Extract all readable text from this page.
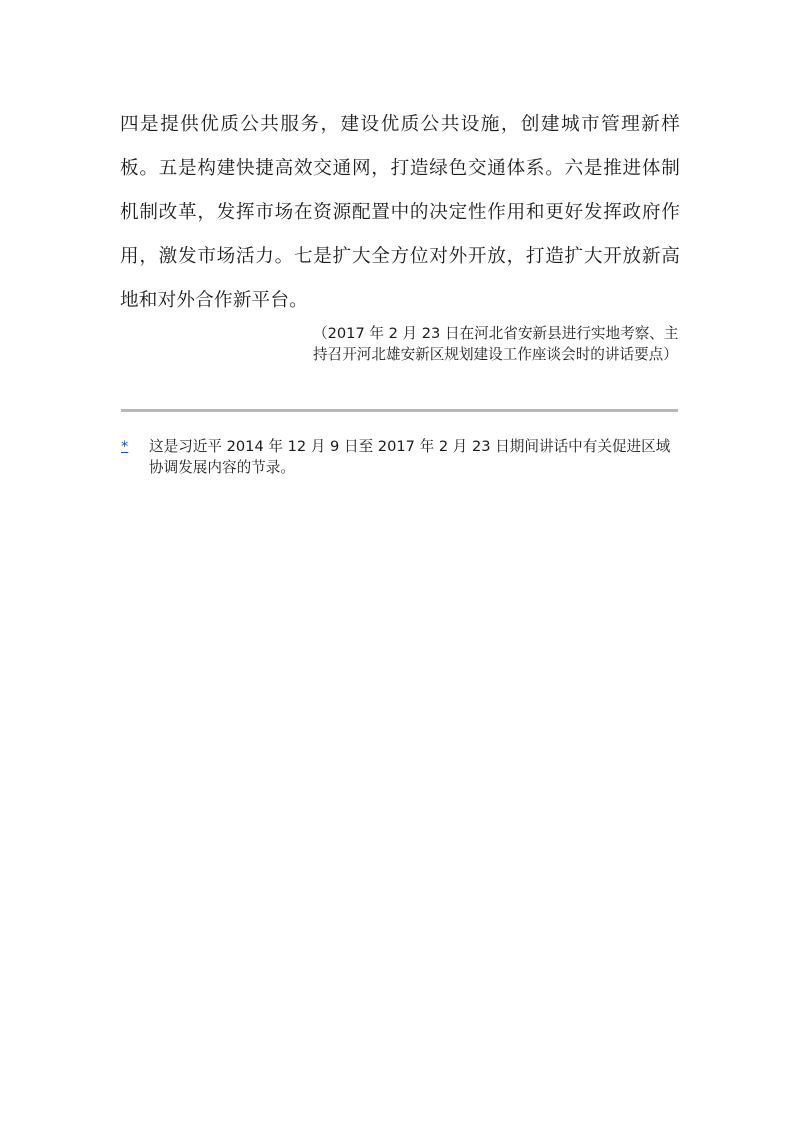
四是提供优质公共服务，建设优质公共设施，创建城市管理新样板。五是构建快捷高效交通网，打造绿色交通体系。六是推进体制机制改革，发挥市场在资源配置中的决定性作用和更好发挥政府作用，激发市场活力。七是扩大全方位对外开放，打造扩大开放新高地和对外合作新平台。

（2017 年 2 月 23 日在河北省安新县进行实地考察、主持召开河北雄安新区规划建设工作座谈会时的讲话要点）

* 这是习近平 2014 年 12 月 9 日至 2017 年 2 月 23 日期间讲话中有关促进区域协调发展内容的节录。
